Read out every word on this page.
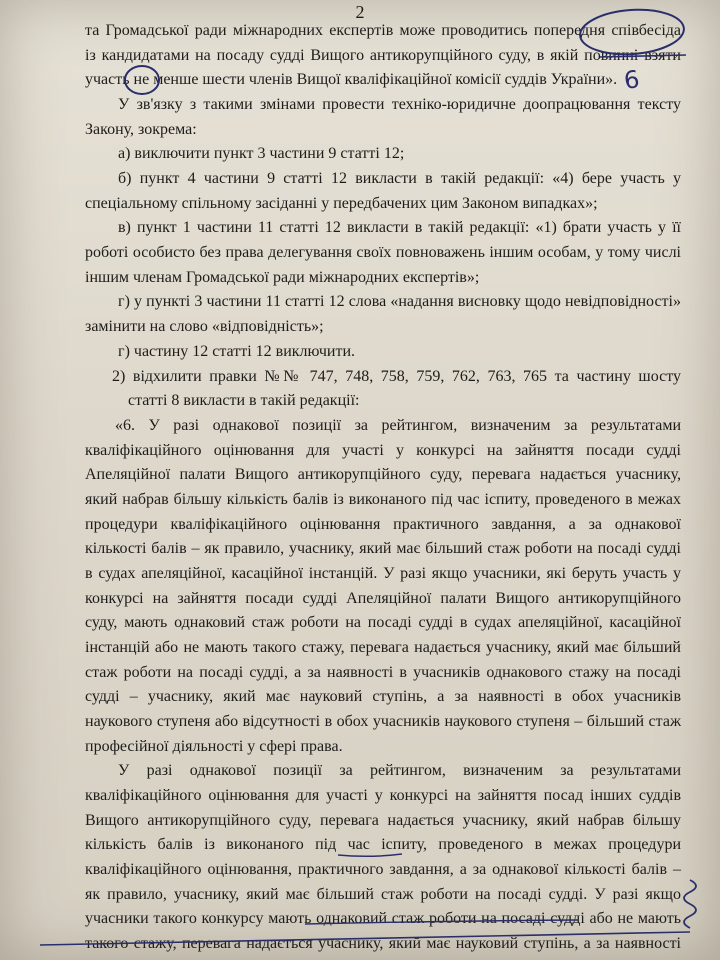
2
та Громадської ради міжнародних експертів може проводитись попередня співбесіда
із кандидатами на посаду судді Вищого антикорупційного суду, в якій повинні взяти
участь не менше шести членів Вищої кваліфікаційної комісії суддів України».
У зв'язку з такими змінами провести техніко-юридичне доопрацювання тексту
Закону, зокрема:
а) виключити пункт 3 частини 9 статті 12;
б) пункт 4 частини 9 статті 12 викласти в такій редакції: «4) бере участь у
спеціальному спільному засіданні у передбачених цим Законом випадках»;
в) пункт 1 частини 11 статті 12 викласти в такій редакції: «1) брати участь у її
роботі особисто без права делегування своїх повноважень іншим особам, у тому числі
іншим членам Громадської ради міжнародних експертів»;
г) у пункті 3 частини 11 статті 12 слова «надання висновку щодо невідповідності»
замінити на слово «відповідність»;
г) частину 12 статті 12 виключити.
2) відхилити правки №№ 747, 748, 758, 759, 762, 763, 765 та частину шосту
статті 8 викласти в такій редакції:
«6. У разі однакової позиції за рейтингом, визначеним за результатами
кваліфікаційного оцінювання для участі у конкурсі на зайняття посади судді
Апеляційної палати Вищого антикорупційного суду, перевага надається учаснику,
який набрав більшу кількість балів із виконаного під час іспиту, проведеного в межах
процедури кваліфікаційного оцінювання практичного завдання, а за однакової
кількості балів – як правило, учаснику, який має більший стаж роботи на посаді судді
в судах апеляційної, касаційної інстанцій. У разі якщо учасники, які беруть участь у
конкурсі на зайняття посади судді Апеляційної палати Вищого антикорупційного
суду, мають однаковий стаж роботи на посаді судді в судах апеляційної, касаційної
інстанцій або не мають такого стажу, перевага надається учаснику, який має більший
стаж роботи на посаді судді, а за наявності в учасників однакового стажу на посаді
судді – учаснику, який має науковий ступінь, а за наявності в обох учасників
наукового ступеня або відсутності в обох учасників наукового ступеня – більший стаж
професійної діяльності у сфері права.
У разі однакової позиції за рейтингом, визначеним за результатами
кваліфікаційного оцінювання для участі у конкурсі на зайняття посад інших суддів
Вищого антикорупційного суду, перевага надається учаснику, який набрав більшу
кількість балів із виконаного під час іспиту, проведеного в межах процедури
кваліфікаційного оцінювання, практичного завдання, а за однакової кількості балів –
як правило, учаснику, який має більший стаж роботи на посаді судді. У разі якщо
учасники такого конкурсу мають однаковий стаж роботи на посаді судді або не мають
такого стажу, перевага надається учаснику, який має науковий ступінь, а за наявності
6
